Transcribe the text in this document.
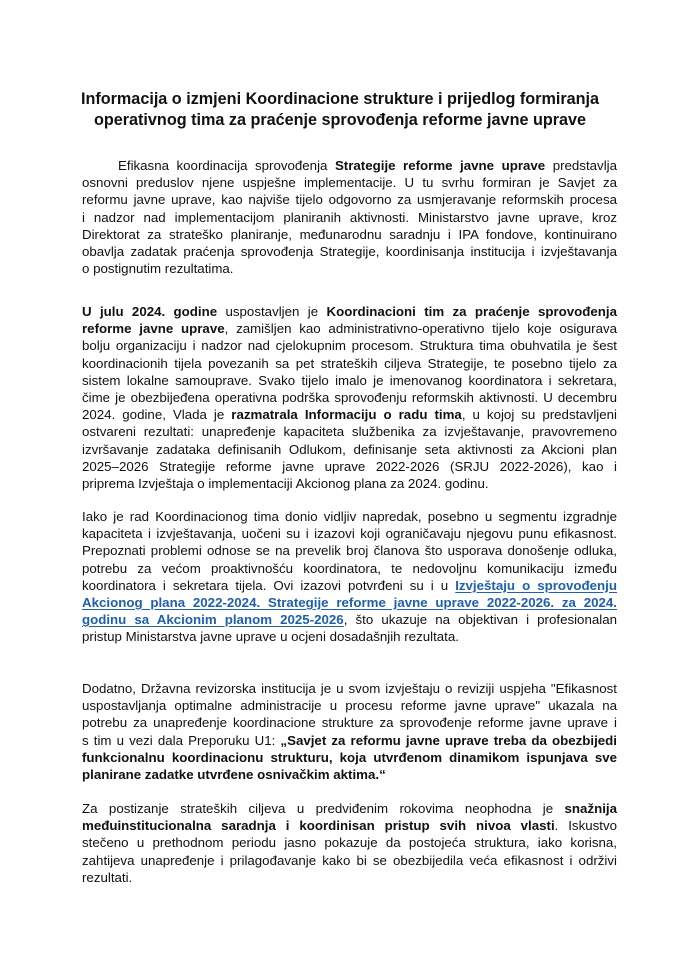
Informacija o izmjeni Koordinacione strukture i prijedlog formiranja
operativnog tima za praćenje sprovođenja reforme javne uprave
Efikasna koordinacija sprovođenja Strategije reforme javne uprave predstavlja
osnovni preduslov njene uspješne implementacije. U tu svrhu formiran je Savjet za
reformu javne uprave, kao najviše tijelo odgovorno za usmjeravanje reformskih procesa
i nadzor nad implementacijom planiranih aktivnosti. Ministarstvo javne uprave, kroz
Direktorat za strateško planiranje, međunarodnu saradnju i IPA fondove, kontinuirano
obavlja zadatak praćenja sprovođenja Strategije, koordinisanja institucija i izvještavanja
o postignutim rezultatima.
U julu 2024. godine uspostavljen je Koordinacioni tim za praćenje sprovođenja
reforme javne uprave, zamišljen kao administrativno-operativno tijelo koje osigurava
bolju organizaciju i nadzor nad cjelokupnim procesom. Struktura tima obuhvatila je šest
koordinacionih tijela povezanih sa pet strateških ciljeva Strategije, te posebno tijelo za
sistem lokalne samouprave. Svako tijelo imalo je imenovanog koordinatora i sekretara,
čime je obezbijeđena operativna podrška sprovođenju reformskih aktivnosti. U decembru
2024. godine, Vlada je razmatrala Informaciju o radu tima, u kojoj su predstavljeni
ostvareni rezultati: unapređenje kapaciteta službenika za izvještavanje, pravovremeno
izvršavanje zadataka definisanih Odlukom, definisanje seta aktivnosti za Akcioni plan
2025–2026 Strategije reforme javne uprave 2022-2026 (SRJU 2022-2026), kao i
priprema Izvještaja o implementaciji Akcionog plana za 2024. godinu.
Iako je rad Koordinacionog tima donio vidljiv napredak, posebno u segmentu izgradnje
kapaciteta i izvještavanja, uočeni su i izazovi koji ograničavaju njegovu punu efikasnost.
Prepoznati problemi odnose se na prevelik broj članova što usporava donošenje odluka,
potrebu za većom proaktivnošću koordinatora, te nedovoljnu komunikaciju između
koordinatora i sekretara tijela. Ovi izazovi potvrđeni su i u Izvještaju o sprovođenju
Akcionog plana 2022-2024. Strategije reforme javne uprave 2022-2026. za 2024.
godinu sa Akcionim planom 2025-2026, što ukazuje na objektivan i profesionalan
pristup Ministarstva javne uprave u ocjeni dosadašnjih rezultata.
Dodatno, Državna revizorska institucija je u svom izvještaju o reviziji uspjeha "Efikasnost
uspostavljanja optimalne administracije u procesu reforme javne uprave" ukazala na
potrebu za unapređenje koordinacione strukture za sprovođenje reforme javne uprave i
s tim u vezi dala Preporuku U1: „Savjet za reformu javne uprave treba da obezbijedi
funkcionalnu koordinacionu strukturu, koja utvrđenom dinamikom ispunjava sve
planirane zadatke utvrđene osnivačkim aktima.“
Za postizanje strateških ciljeva u predviđenim rokovima neophodna je snažnija
međuinstitucionalna saradnja i koordinisan pristup svih nivoa vlasti. Iskustvo
stečeno u prethodnom periodu jasno pokazuje da postojeća struktura, iako korisna,
zahtijeva unapređenje i prilagođavanje kako bi se obezbijedila veća efikasnost i održivi
rezultati.
